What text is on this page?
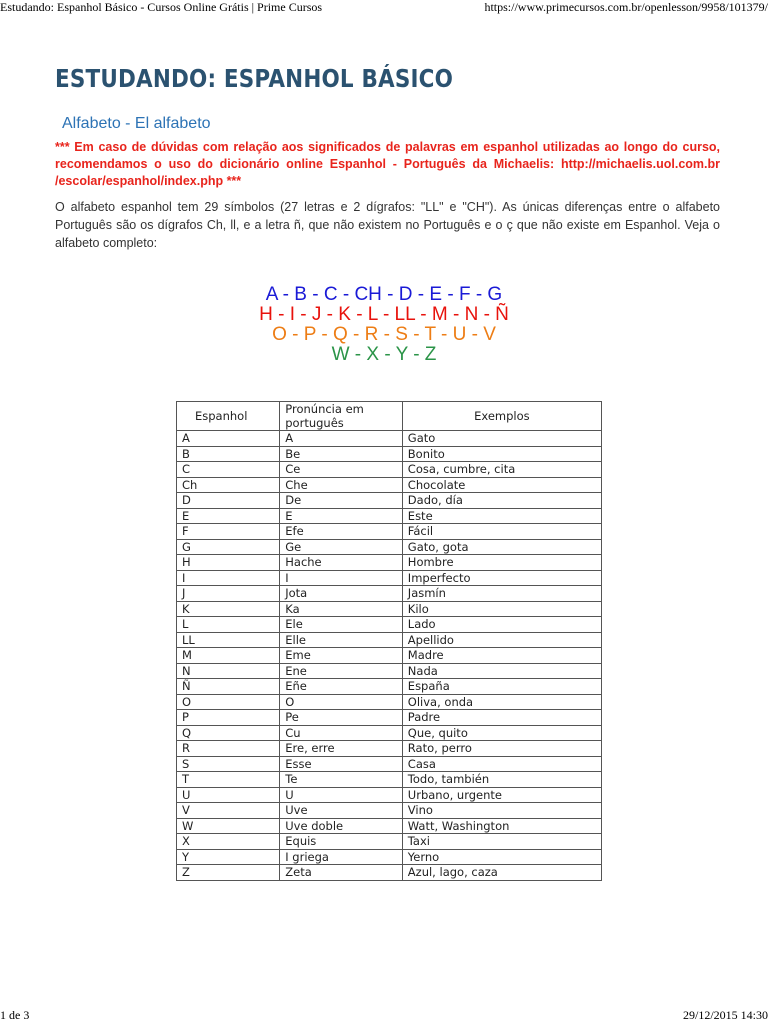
Estudando: Espanhol Básico - Cursos Online Grátis | Prime Cursos	https://www.primecursos.com.br/openlesson/9958/101379/
ESTUDANDO: ESPANHOL BÁSICO
Alfabeto - El alfabeto
*** Em caso de dúvidas com relação aos significados de palavras em espanhol utilizadas ao longo do curso, recomendamos o uso do dicionário online Espanhol - Português da Michaelis: http://michaelis.uol.com.br /escolar/espanhol/index.php ***
O alfabeto espanhol tem 29 símbolos (27 letras e 2 dígrafos: "LL" e "CH"). As únicas diferenças entre o alfabeto Português são os dígrafos Ch, ll, e a letra ñ, que não existem no Português e o ç que não existe em Espanhol. Veja o alfabeto completo:
A - B - C - CH - D - E - F - G
H - I - J - K - L - LL - M - N - Ñ
O - P - Q - R - S - T - U - V
W - X - Y - Z
Espanhol	Pronúncia em português	Exemplos
A	A	Gato
B	Be	Bonito
C	Ce	Cosa, cumbre, cita
Ch	Che	Chocolate
D	De	Dado, día
E	E	Este
F	Efe	Fácil
G	Ge	Gato, gota
H	Hache	Hombre
I	I	Imperfecto
J	Jota	Jasmín
K	Ka	Kilo
L	Ele	Lado
LL	Elle	Apellido
M	Eme	Madre
N	Ene	Nada
Ñ	Eñe	España
O	O	Oliva, onda
P	Pe	Padre
Q	Cu	Que, quito
R	Ere, erre	Rato, perro
S	Esse	Casa
T	Te	Todo, también
U	U	Urbano, urgente
V	Uve	Vino
W	Uve doble	Watt, Washington
X	Equis	Taxi
Y	I griega	Yerno
Z	Zeta	Azul, lago, caza
1 de 3	29/12/2015 14:30
